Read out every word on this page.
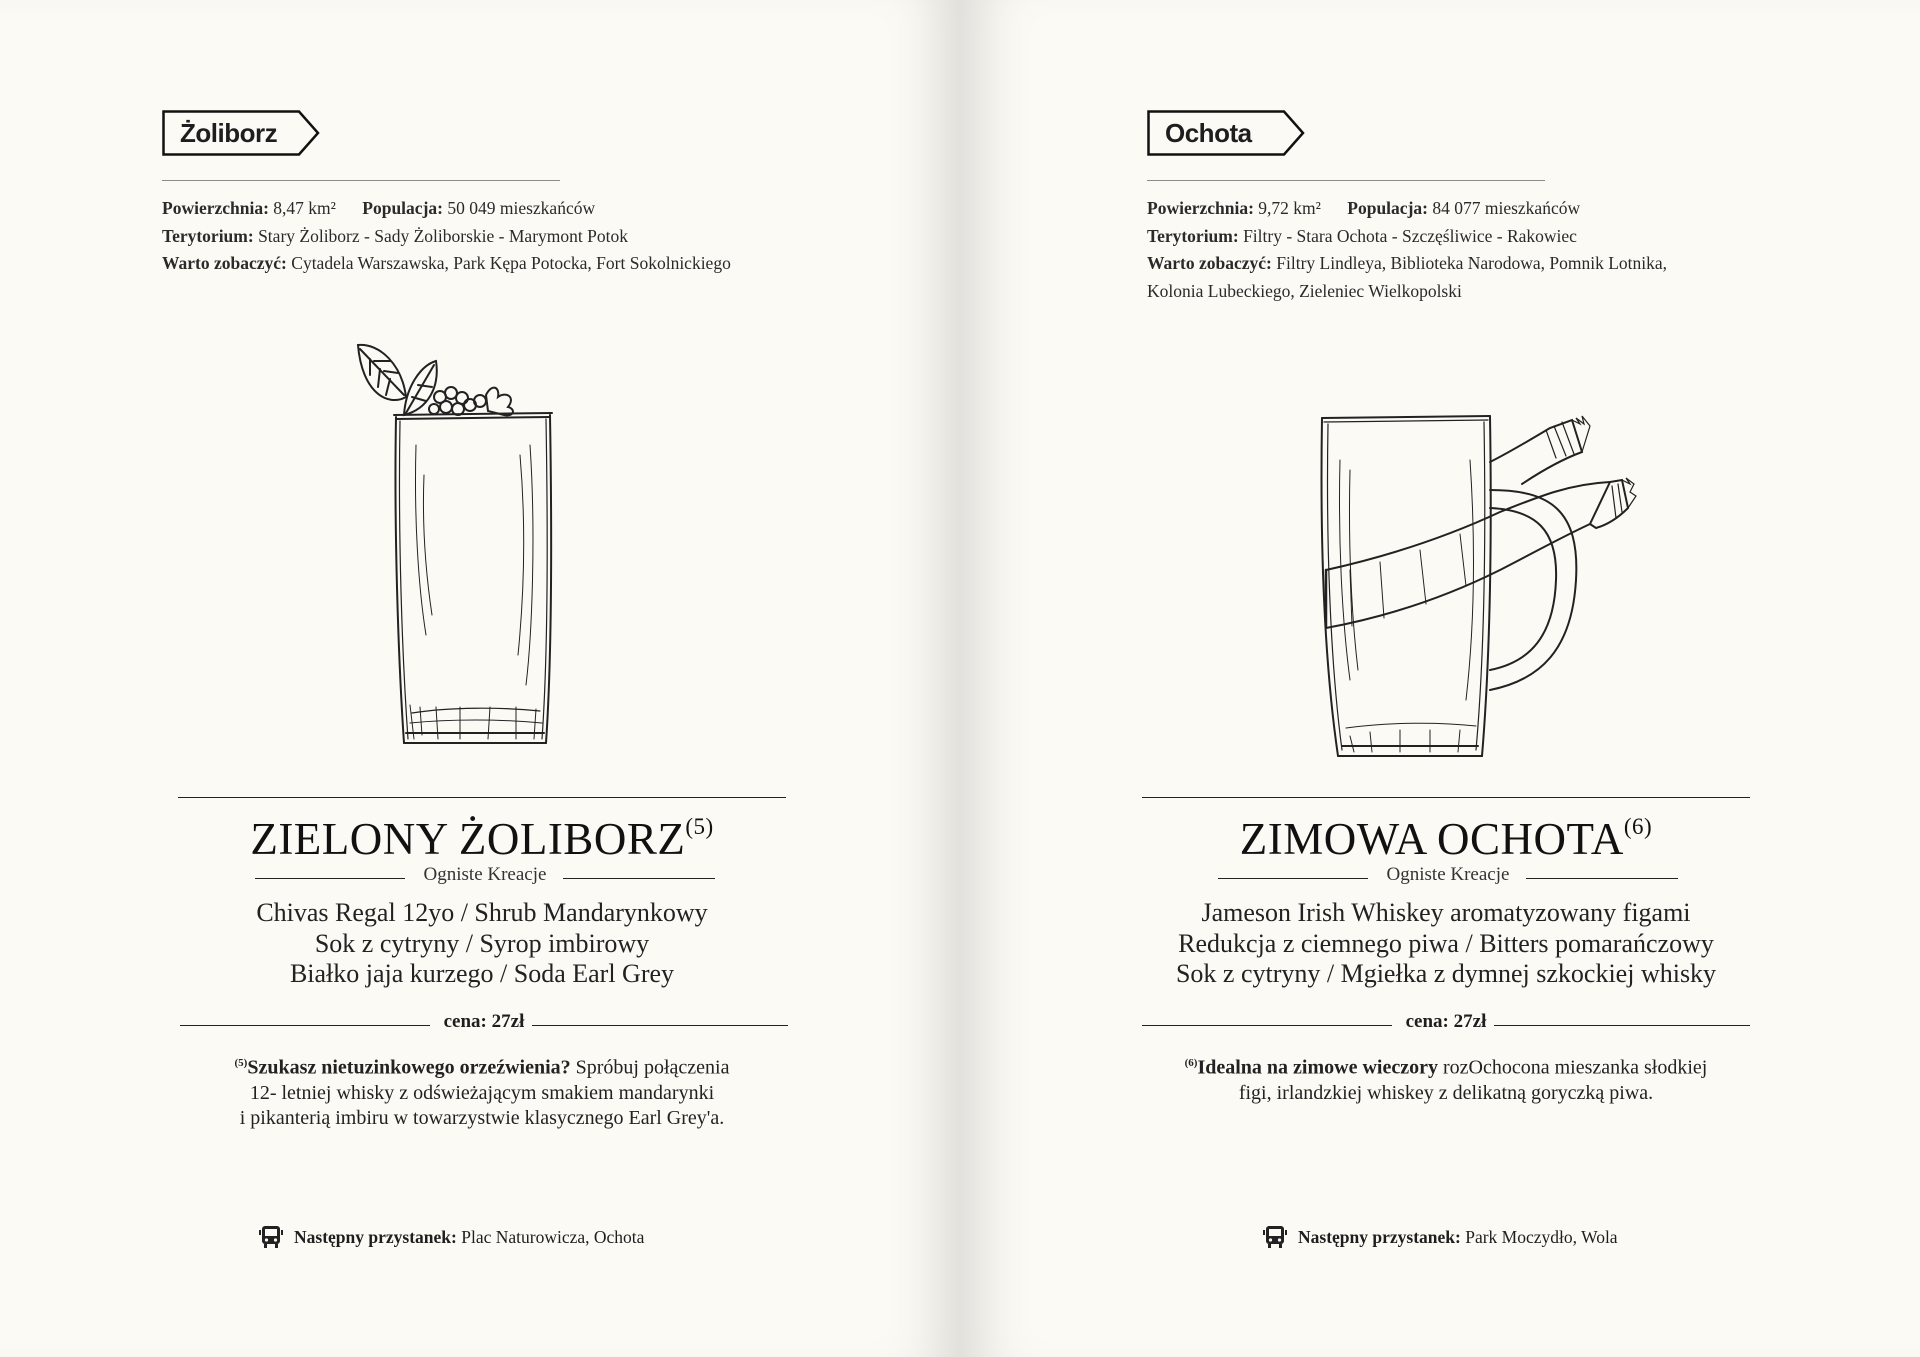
Żoliborz
Powierzchnia: 8,47 km² Populacja: 50 049 mieszkańców
Terytorium: Stary Żoliborz - Sady Żoliborskie - Marymont Potok
Warto zobaczyć: Cytadela Warszawska, Park Kępa Potocka, Fort Sokolnickiego
ZIELONY ŻOLIBORZ$^{(5)}$
Ogniste Kreacje
Chivas Regal 12yo / Shrub Mandarynkowy
Sok z cytryny / Syrop imbirowy
Białko jaja kurzego / Soda Earl Grey
cena: 27zł
$^{(5)}$Szukasz nietuzinkowego orzeźwienia? Spróbuj połączenia
12- letniej whisky z odświeżającym smakiem mandarynki
i pikanterią imbiru w towarzystwie klasycznego Earl Grey'a.
Następny przystanek: Plac Naturowicza, Ochota
Ochota
Powierzchnia: 9,72 km² Populacja: 84 077 mieszkańców
Terytorium: Filtry - Stara Ochota - Szczęśliwice - Rakowiec
Warto zobaczyć: Filtry Lindleya, Biblioteka Narodowa, Pomnik Lotnika,
Kolonia Lubeckiego, Zieleniec Wielkopolski
ZIMOWA OCHOTA$^{(6)}$
Ogniste Kreacje
Jameson Irish Whiskey aromatyzowany figami
Redukcja z ciemnego piwa / Bitters pomarańczowy
Sok z cytryny / Mgiełka z dymnej szkockiej whisky
cena: 27zł
$^{(6)}$Idealna na zimowe wieczory rozOchocona mieszanka słodkiej
figi, irlandzkiej whiskey z delikatną goryczką piwa.
Następny przystanek: Park Moczydło, Wola
